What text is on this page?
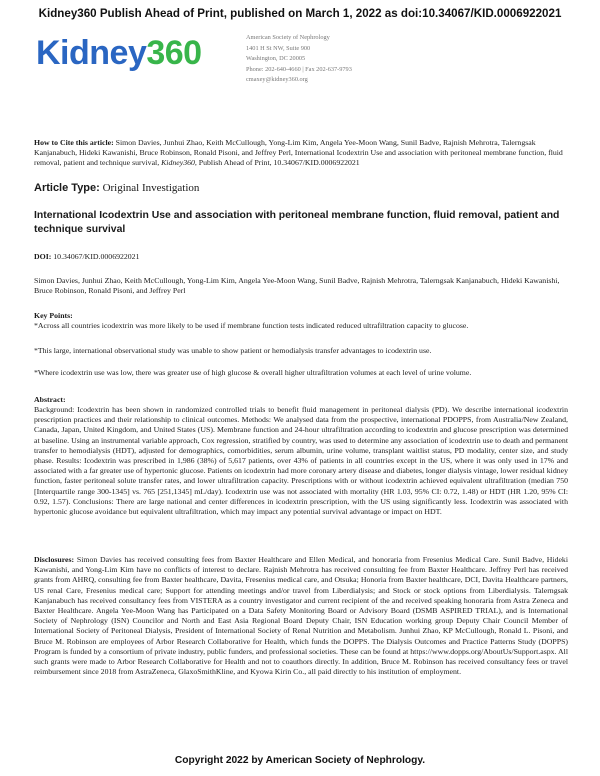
Kidney360 Publish Ahead of Print, published on March 1, 2022 as doi:10.34067/KID.0006922021
Kidney360	American Society of Nephrology
1401 H St NW, Suite 900
Washington, DC 20005
Phone: 202-640-4660 | Fax 202-637-9793
cmaxey@kidney360.org
How to Cite this article: Simon Davies, Junhui Zhao, Keith McCullough, Yong-Lim Kim, Angela Yee-Moon Wang, Sunil Badve, Rajnish Mehrotra, Talerngsak Kanjanabuch, Hideki Kawanishi, Bruce Robinson, Ronald Pisoni, and Jeffrey Perl, International Icodextrin Use and association with peritoneal membrane function, fluid removal, patient and technique survival, Kidney360, Publish Ahead of Print, 10.34067/KID.0006922021
Article Type: Original Investigation
International Icodextrin Use and association with peritoneal membrane function, fluid removal, patient and technique survival
DOI: 10.34067/KID.0006922021
Simon Davies, Junhui Zhao, Keith McCullough, Yong-Lim Kim, Angela Yee-Moon Wang, Sunil Badve, Rajnish Mehrotra, Talerngsak Kanjanabuch, Hideki Kawanishi, Bruce Robinson, Ronald Pisoni, and Jeffrey Perl
Key Points:
*Across all countries icodextrin was more likely to be used if membrane function tests indicated reduced ultrafiltration capacity to glucose.
*This large, international observational study was unable to show patient or hemodialysis transfer advantages to icodextrin use.
*Where icodextrin use was low, there was greater use of high glucose & overall higher ultrafiltration volumes at each level of urine volume.
Abstract:
Background: Icodextrin has been shown in randomized controlled trials to benefit fluid management in peritoneal dialysis (PD). We describe international icodextrin prescription practices and their relationship to clinical outcomes. Methods: We analysed data from the prospective, international PDOPPS, from Australia/New Zealand, Canada, Japan, United Kingdom, and United States (US). Membrane function and 24-hour ultrafiltration according to icodextrin and glucose prescription was determined at baseline. Using an instrumental variable approach, Cox regression, stratified by country, was used to determine any association of icodextrin use to death and permanent transfer to hemodialysis (HDT), adjusted for demographics, comorbidities, serum albumin, urine volume, transplant waitlist status, PD modality, center size, and study phase. Results: Icodextrin was prescribed in 1,986 (38%) of 5,617 patients, over 43% of patients in all countries except in the US, where it was only used in 17% and associated with a far greater use of hypertonic glucose. Patients on icodextrin had more coronary artery disease and diabetes, longer dialysis vintage, lower residual kidney function, faster peritoneal solute transfer rates, and lower ultrafiltration capacity. Prescriptions with or without icodextrin achieved equivalent ultrafiltration (median 750 [Interquartile range 300-1345] vs. 765 [251,1345] mL/day). Icodextrin use was not associated with mortality (HR 1.03, 95% CI: 0.72, 1.48) or HDT (HR 1.20, 95% CI: 0.92, 1.57). Conclusions: There are large national and center differences in icodextrin prescription, with the US using significantly less. Icodextrin was associated with hypertonic glucose avoidance but equivalent ultrafiltration, which may impact any potential survival advantage or impact on HDT.
Disclosures: Simon Davies has received consulting fees from Baxter Healthcare and Ellen Medical, and honoraria from Fresenius Medical Care. Sunil Badve, Hideki Kawanishi, and Yong-Lim Kim have no conflicts of interest to declare. Rajnish Mehrotra has received consulting fee from Baxter Healthcare. Jeffrey Perl has received grants from AHRQ, consulting fee from Baxter healthcare, Davita, Fresenius medical care, and Otsuka; Honoria from Baxter healthcare, DCI, Davita Healthcare partners, US renal Care, Fresenius medical care; Support for attending meetings and/or travel from Liberdialysis; and Stock or stock options from Liberdialysis. Talerngsak Kanjanabuch has received consultancy fees from VISTERA as a country investigator and current recipient of the and received speaking honoraria from Astra Zeneca and Baxter Healthcare. Angela Yee-Moon Wang has Participated on a Data Safety Monitoring Board or Advisory Board (DSMB ASPIRED TRIAL), and is International Society of Nephrology (ISN) Councilor and North and East Asia Regional Board Deputy Chair, ISN Education working group Deputy Chair Council Member of International Society of Peritoneal Dialysis, President of International Society of Renal Nutrition and Metabolism. Junhui Zhao, KP McCullough, Ronald L. Pisoni, and Bruce M. Robinson are employees of Arbor Research Collaborative for Health, which funds the DOPPS. The Dialysis Outcomes and Practice Patterns Study (DOPPS) Program is funded by a consortium of private industry, public funders, and professional societies. These can be found at https://www.dopps.org/AboutUs/Support.aspx. All such grants were made to Arbor Research Collaborative for Health and not to coauthors directly. In addition, Bruce M. Robinson has received consultancy fees or travel reimbursement since 2018 from AstraZeneca, GlaxoSmithKline, and Kyowa Kirin Co., all paid directly to his institution of employment.
Copyright 2022 by American Society of Nephrology.
